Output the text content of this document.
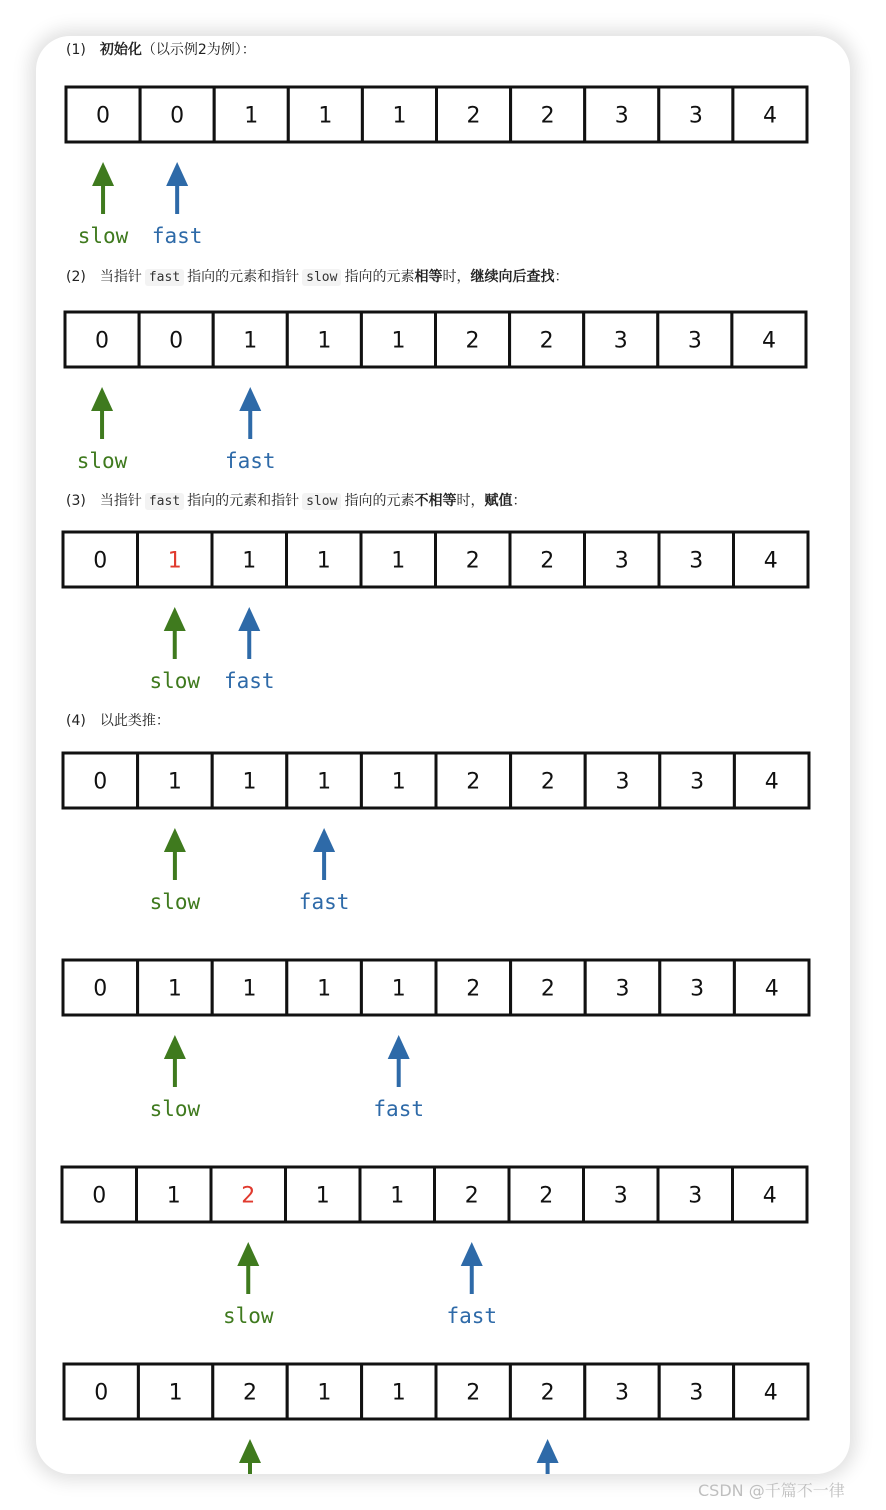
(1) 初始化（以示例2为例）：
(2) 当指针 fast 指向的元素和指针 slow 指向的元素相等时，继续向后查找：
(3) 当指针 fast 指向的元素和指针 slow 指向的元素不相等时，赋值：
(4) 以此类推：
0	0	1	1	1	2	2	3	3	4
slow fast
0	0	1	1	1	2	2	3	3	4
slow	fast
0	1	1	1	1	2	2	3	3	4
slow fast
0	1	1	1	1	2	2	3	3	4
slow	fast
0	1	1	1	1	2	2	3	3	4
slow	fast
0	1	2	1	1	2	2	3	3	4
slow	fast
0	1	2	1	1	2	2	3	3	4
CSDN @千篇不一律
